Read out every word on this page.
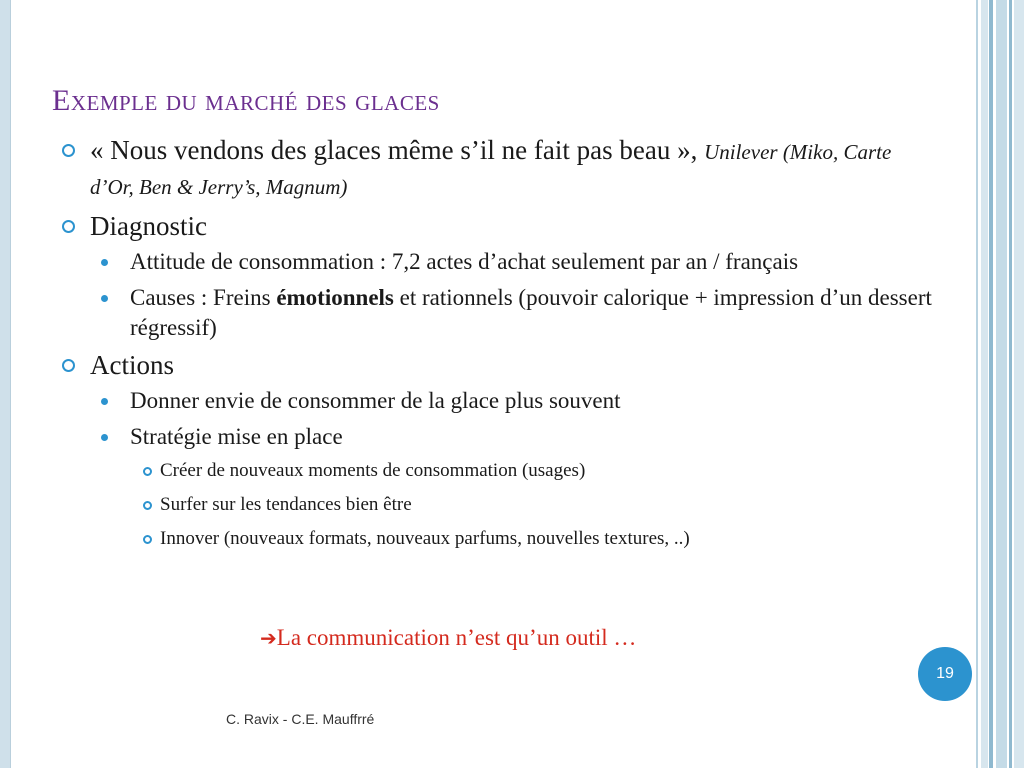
Exemple du marché des glaces
« Nous vendons des glaces même s’il ne fait pas beau », Unilever (Miko, Carte d’Or, Ben & Jerry’s, Magnum)
Diagnostic
Attitude de consommation : 7,2 actes d’achat seulement par an / français
Causes : Freins émotionnels et rationnels (pouvoir calorique + impression d’un dessert régressif)
Actions
Donner envie de consommer de la glace plus souvent
Stratégie mise en place
Créer de nouveaux moments de consommation (usages)
Surfer sur les tendances bien être
Innover (nouveaux formats, nouveaux parfums, nouvelles textures, ..)
➔La communication n’est qu’un outil …
19
C. Ravix - C.E. Mauffrré
